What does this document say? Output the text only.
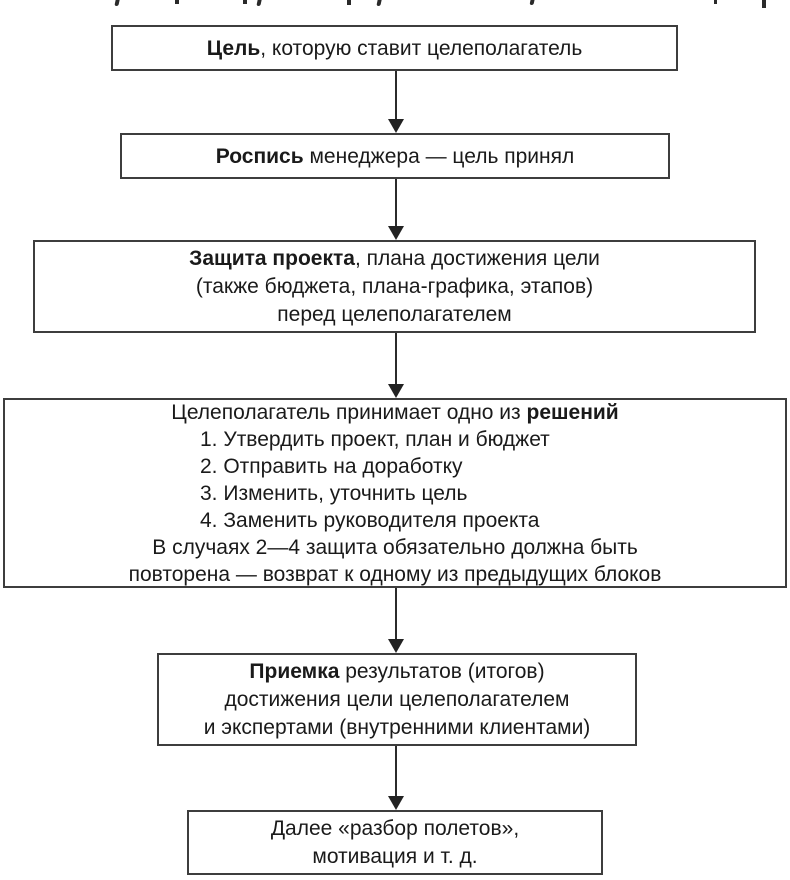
Цель, которую ставит целеполагатель
Роспись менеджера — цель принял
Защита проекта, плана достижения цели
(также бюджета, плана-графика, этапов)
перед целеполагателем
Целеполагатель принимает одно из решений
1. Утвердить проект, план и бюджет
2. Отправить на доработку
3. Изменить, уточнить цель
4. Заменить руководителя проекта
В случаях 2—4 защита обязательно должна быть
повторена — возврат к одному из предыдущих блоков
Приемка результатов (итогов)
достижения цели целеполагателем
и экспертами (внутренними клиентами)
Далее «разбор полетов»,
мотивация и т. д.
